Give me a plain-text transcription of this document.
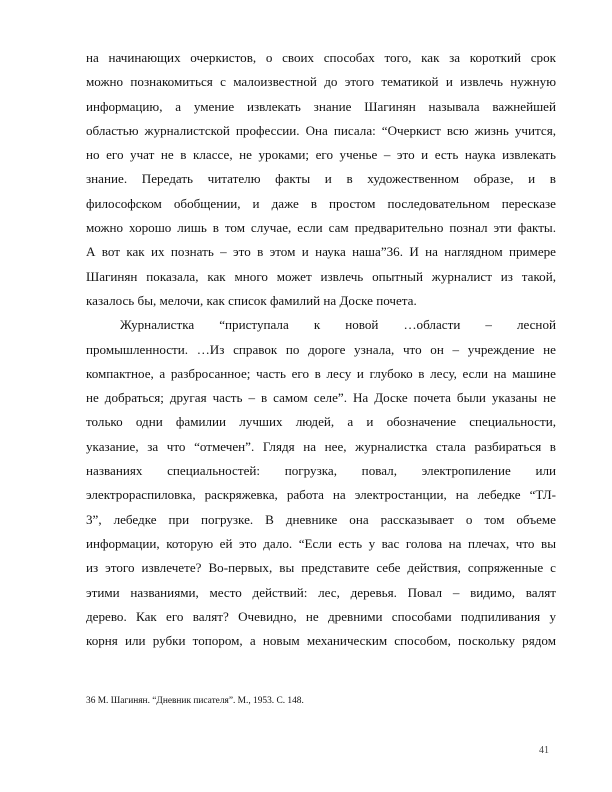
на начинающих очеркистов, о своих способах того, как за короткий срок

можно познакомиться с малоизвестной до этого тематикой и извлечь нужную

информацию, а умение извлекать знание Шагинян называла важнейшей

областью журналистской профессии. Она писала: “Очеркист всю жизнь учится,

но его учат не в классе, не уроками; его ученье – это и есть наука извлекать

знание. Передать читателю факты и в художественном образе, и в

философском обобщении, и даже в простом последовательном пересказе

можно хорошо лишь в том случае, если сам предварительно познал эти факты.

А вот как их познать – это в этом и наука наша”36. И на наглядном примере

Шагинян показала, как много может извлечь опытный журналист из такой,

казалось бы, мелочи, как список фамилий на Доске почета.

Журналистка “приступала к новой …области – лесной

промышленности. …Из справок по дороге узнала, что он – учреждение не

компактное, а разбросанное; часть его в лесу и глубоко в лесу, если на машине

не добраться; другая часть – в самом селе”. На Доске почета были указаны не

только одни фамилии лучших людей, а и обозначение специальности,

указание, за что “отмечен”. Глядя на нее, журналистка стала разбираться в

названиях специальностей: погрузка, повал, электропиление или

электрораспиловка, раскряжевка, работа на электростанции, на лебедке “ТЛ-

3”, лебедке при погрузке. В дневнике она рассказывает о том объеме

информации, которую ей это дало. “Если есть у вас голова на плечах, что вы

из этого извлечете? Во-первых, вы представите себе действия, сопряженные с

этими названиями, место действий: лес, деревья. Повал – видимо, валят

дерево. Как его валят? Очевидно, не древними способами подпиливания у

корня или рубки топором, а новым механическим способом, поскольку рядом

36 М. Шагинян. “Дневник писателя”. М., 1953. С. 148.
41
